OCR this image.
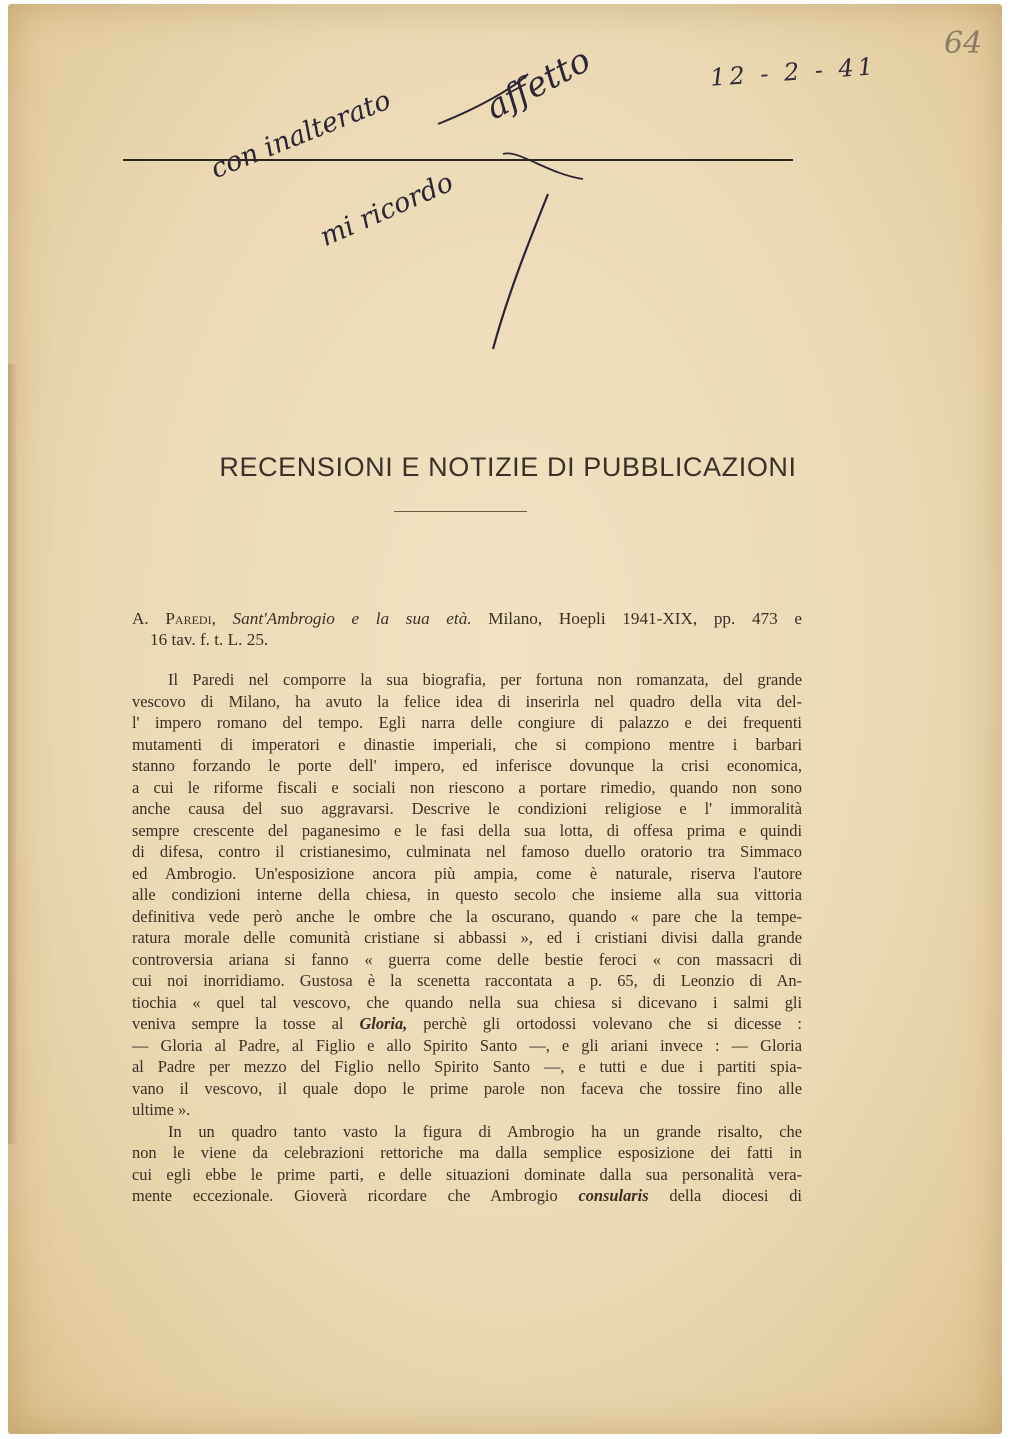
64
12 - 2 - 41
con inalterato
affetto
mi ricordo
RECENSIONI E NOTIZIE DI PUBBLICAZIONI
A. Paredi, Sant'Ambrogio e la sua età. Milano, Hoepli 1941-XIX, pp. 473 e
16 tav. f. t. L. 25.
Il Paredi nel comporre la sua biografia, per fortuna non romanzata, del grande
vescovo di Milano, ha avuto la felice idea di inserirla nel quadro della vita del-
l' impero romano del tempo. Egli narra delle congiure di palazzo e dei frequenti
mutamenti di imperatori e dinastie imperiali, che si compiono mentre i barbari
stanno forzando le porte dell' impero, ed inferisce dovunque la crisi economica,
a cui le riforme fiscali e sociali non riescono a portare rimedio, quando non sono
anche causa del suo aggravarsi. Descrive le condizioni religiose e l' immoralità
sempre crescente del paganesimo e le fasi della sua lotta, di offesa prima e quindi
di difesa, contro il cristianesimo, culminata nel famoso duello oratorio tra Simmaco
ed Ambrogio. Un'esposizione ancora più ampia, come è naturale, riserva l'autore
alle condizioni interne della chiesa, in questo secolo che insieme alla sua vittoria
definitiva vede però anche le ombre che la oscurano, quando « pare che la tempe-
ratura morale delle comunità cristiane si abbassi », ed i cristiani divisi dalla grande
controversia ariana si fanno « guerra come delle bestie feroci « con massacri di
cui noi inorridiamo. Gustosa è la scenetta raccontata a p. 65, di Leonzio di An-
tiochia « quel tal vescovo, che quando nella sua chiesa si dicevano i salmi gli
veniva sempre la tosse al Gloria, perchè gli ortodossi volevano che si dicesse :
— Gloria al Padre, al Figlio e allo Spirito Santo —, e gli ariani invece : — Gloria
al Padre per mezzo del Figlio nello Spirito Santo —, e tutti e due i partiti spia-
vano il vescovo, il quale dopo le prime parole non faceva che tossire fino alle
ultime ».
In un quadro tanto vasto la figura di Ambrogio ha un grande risalto, che
non le viene da celebrazioni rettoriche ma dalla semplice esposizione dei fatti in
cui egli ebbe le prime parti, e delle situazioni dominate dalla sua personalità vera-
mente eccezionale. Gioverà ricordare che Ambrogio consularis della diocesi di
